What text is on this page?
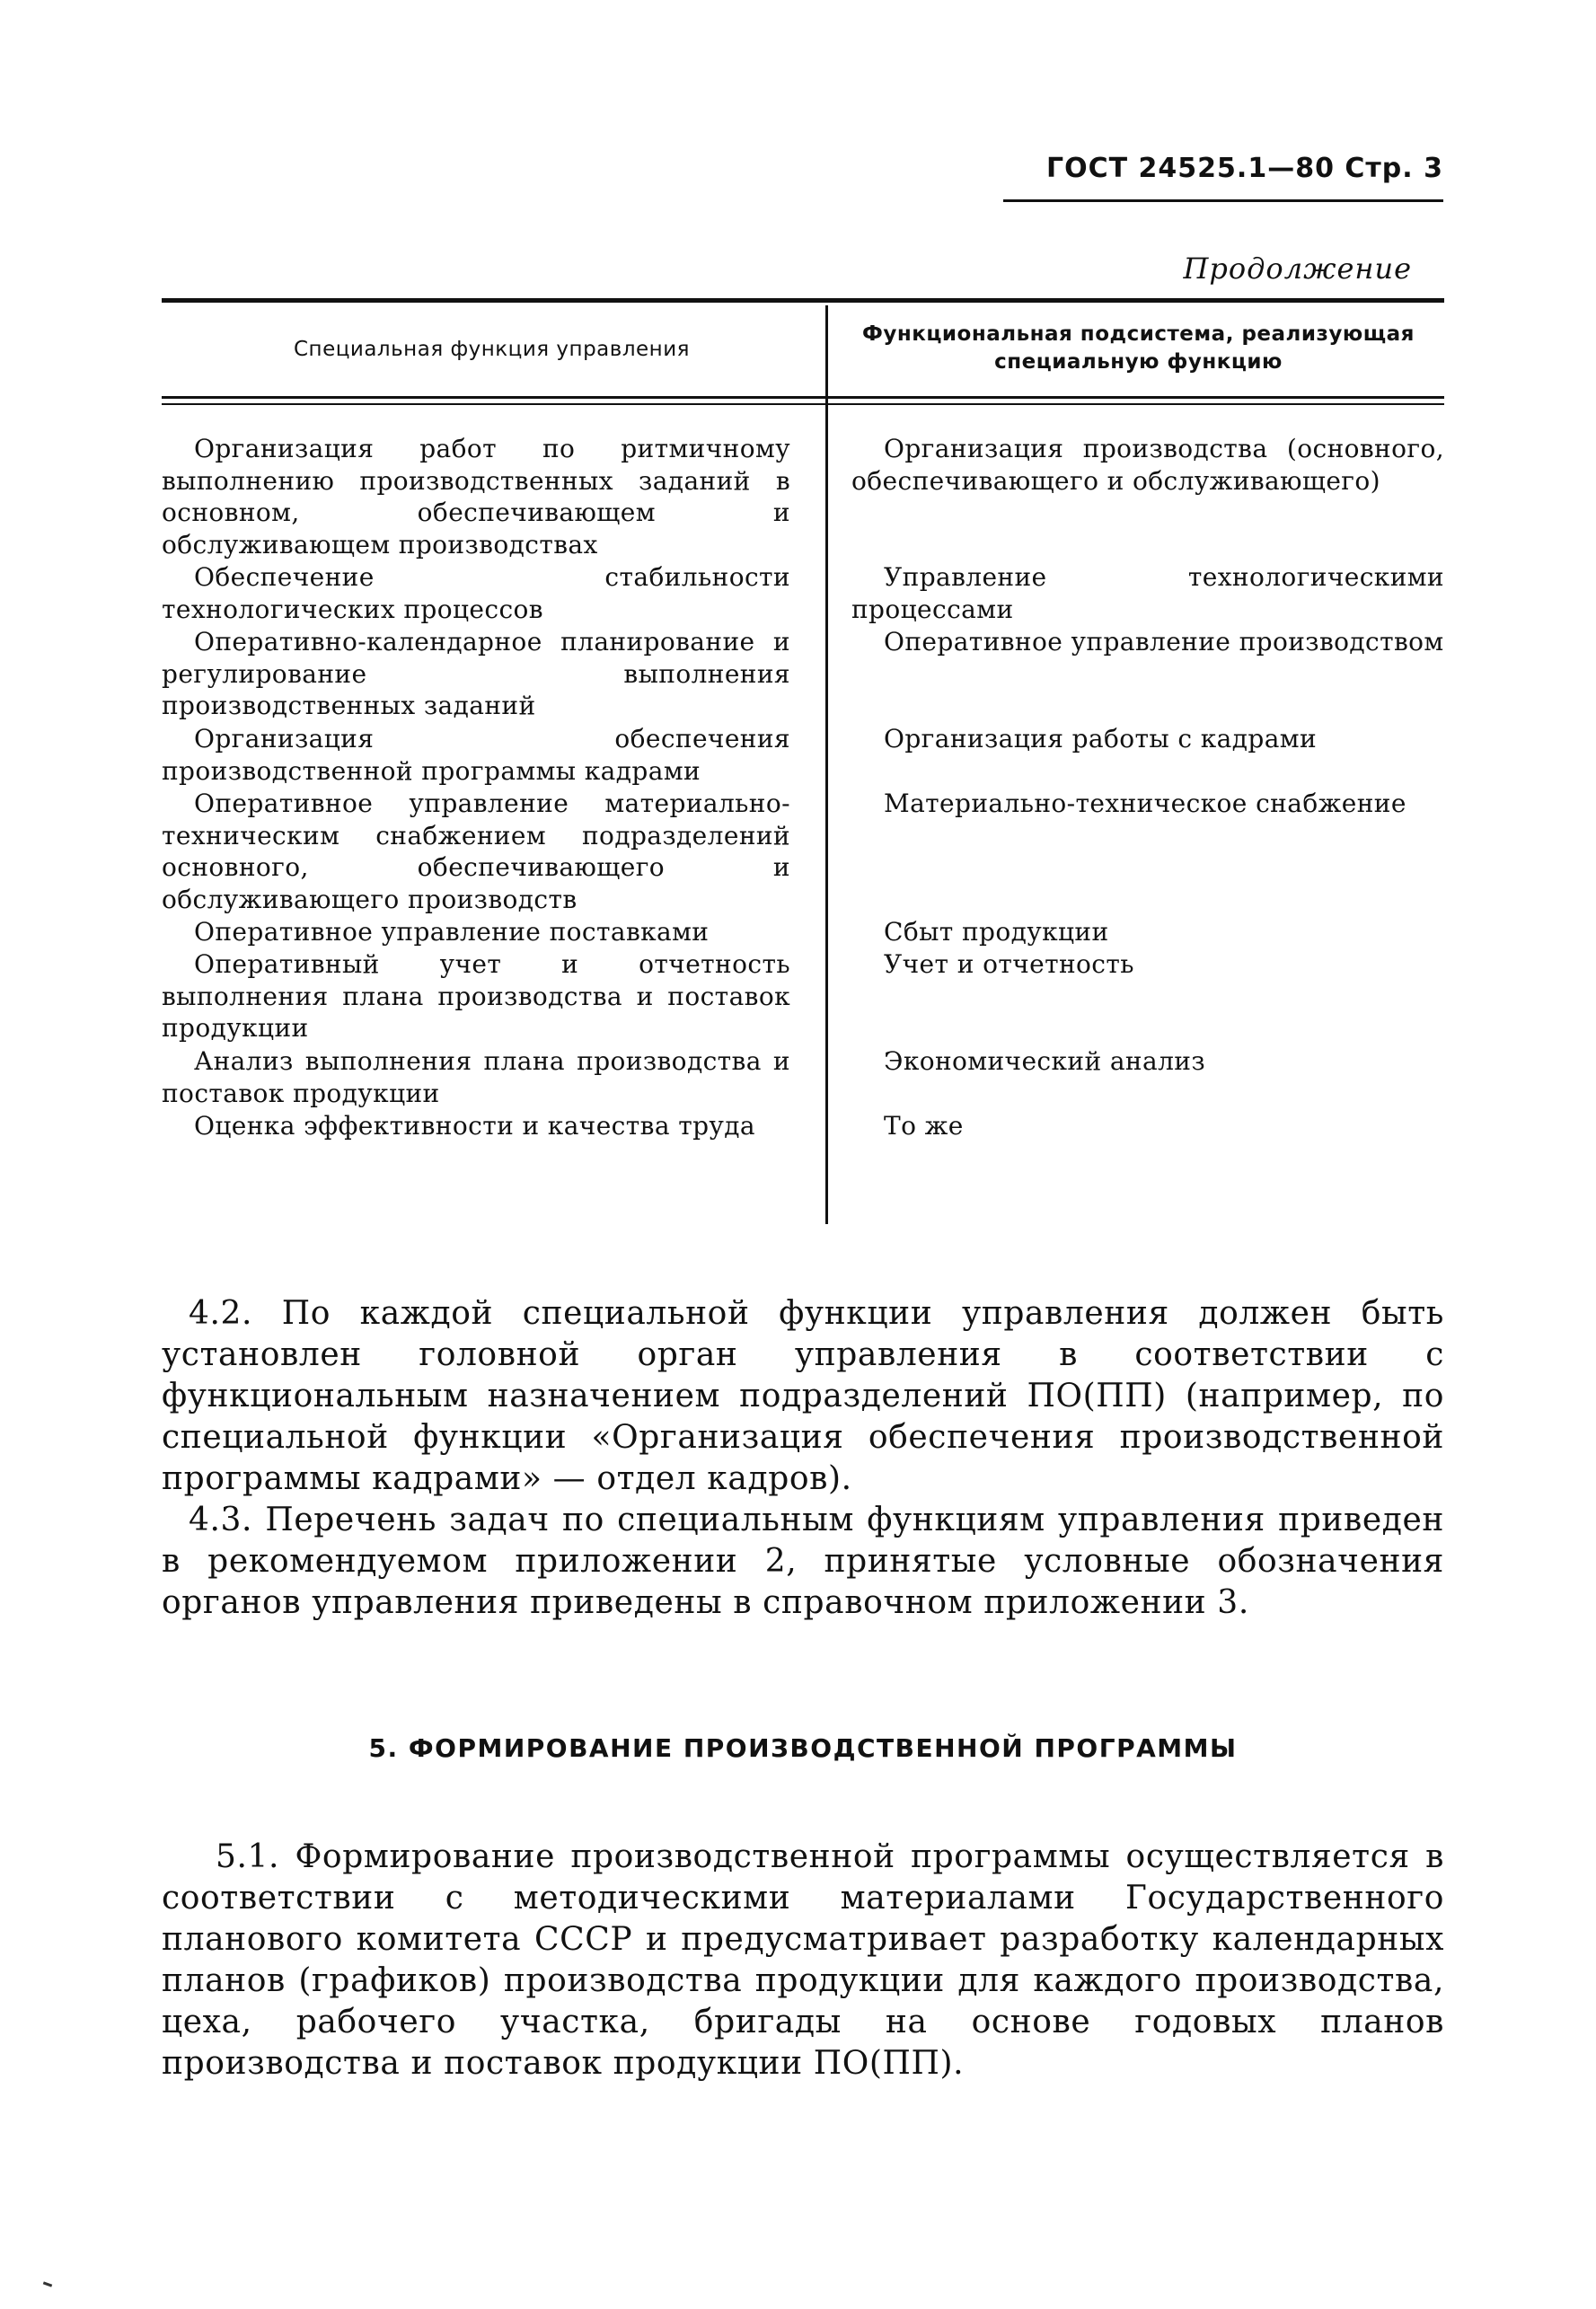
ГОСТ 24525.1—80 Стр. 3
Продолжение
Специальная функция управления
Функциональная подсистема, реализующая специальную функцию
Организация работ по ритмичному выполнению производственных заданий в основном, обеспечивающем и обслуживающем производствах
Обеспечение стабильности технологических процессов
Оперативно-календарное планирование и регулирование выполнения производственных заданий
Организация обеспечения производственной программы кадрами
Оперативное управление материально-техническим снабжением подразделений основного, обеспечивающего и обслуживающего производств
Оперативное управление поставками
Оперативный учет и отчетность выполнения плана производства и поставок продукции
Анализ выполнения плана производства и поставок продукции
Оценка эффективности и качества труда
Организация производства (основного, обеспечивающего и обслуживающего)
Управление технологическими процессами
Оперативное управление производством
Организация работы с кадрами
Материально-техническое снабжение
Сбыт продукции
Учет и отчетность
Экономический анализ
То же
4.2. По каждой специальной функции управления должен быть установлен головной орган управления в соответствии с функциональным назначением подразделений ПО(ПП) (например, по специальной функции «Организация обеспечения производственной программы кадрами» — отдел кадров).
4.3. Перечень задач по специальным функциям управления приведен в рекомендуемом приложении 2, принятые условные обозначения органов управления приведены в справочном приложении 3.
5. ФОРМИРОВАНИЕ ПРОИЗВОДСТВЕННОЙ ПРОГРАММЫ
5.1. Формирование производственной программы осуществляется в соответствии с методическими материалами Государственного планового комитета СССР и предусматривает разработку календарных планов (графиков) производства продукции для каждого производства, цеха, рабочего участка, бригады на основе годовых планов производства и поставок продукции ПО(ПП).
